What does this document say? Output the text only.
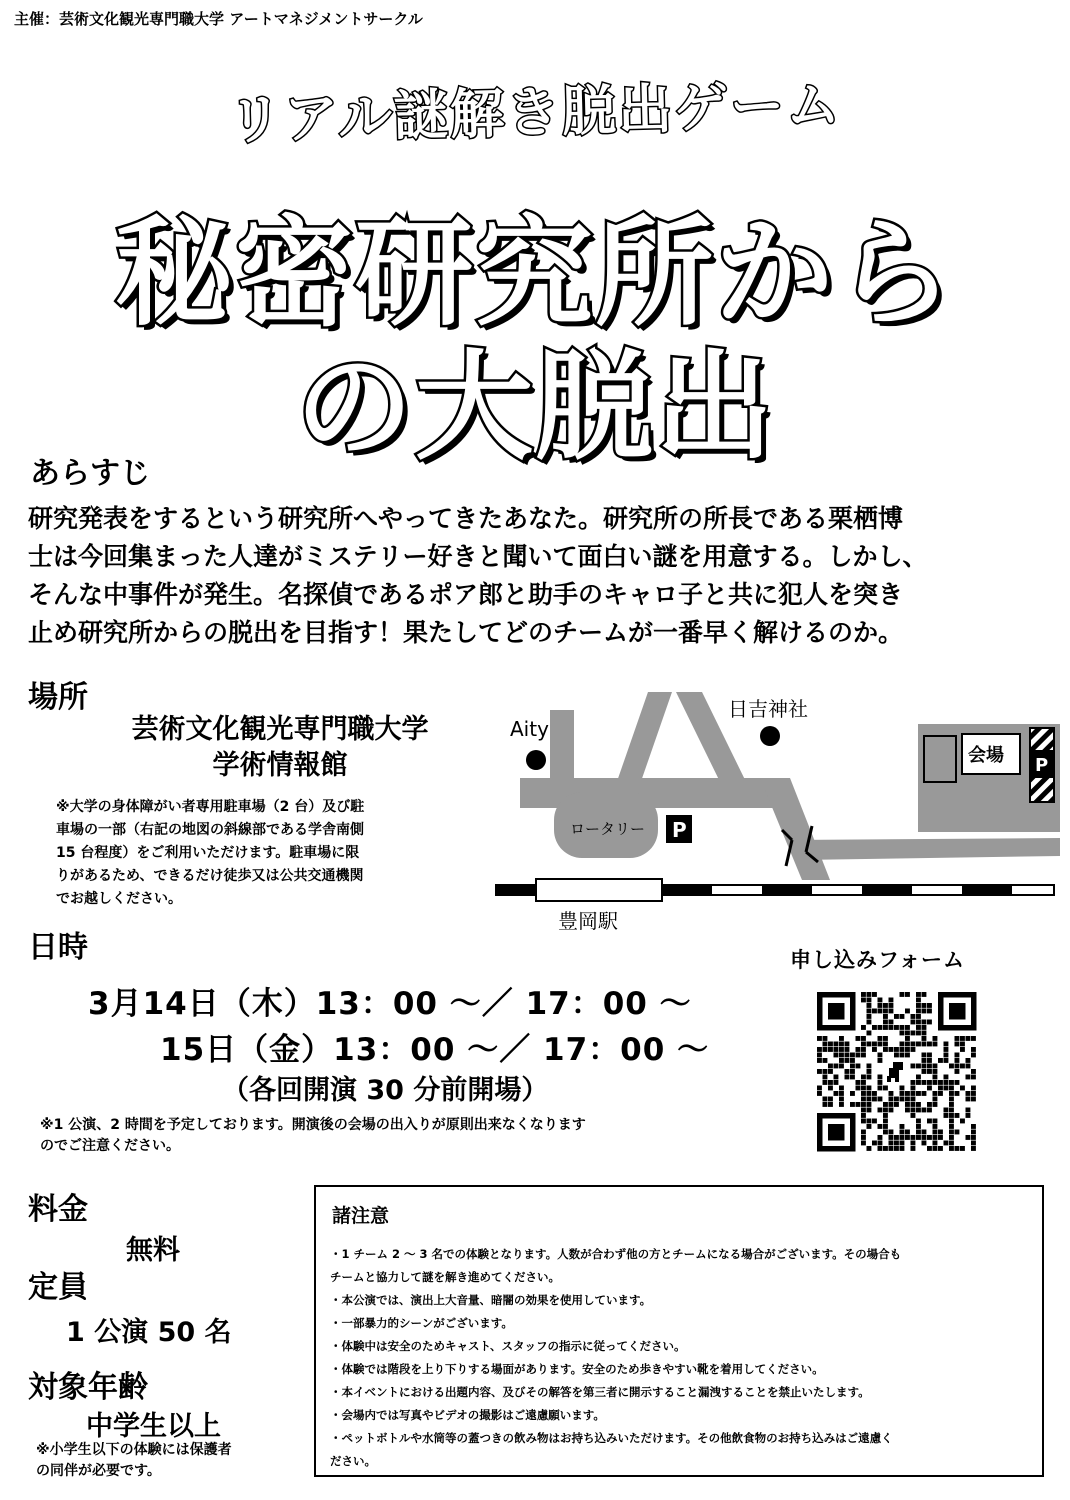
主催：芸術文化観光専門職大学 アートマネジメントサークル
リアル謎解き脱出ゲーム
秘密研究所から
の大脱出
あらすじ
研究発表をするという研究所へやってきたあなた。研究所の所長である栗栖博
士は今回集まった人達がミステリー好きと聞いて面白い謎を用意する。しかし、
そんな中事件が発生。名探偵であるポア郎と助手のキャロ子と共に犯人を突き
止め研究所からの脱出を目指す！果たしてどのチームが一番早く解けるのか。
場所
芸術文化観光専門職大学
学術情報館
※大学の身体障がい者専用駐車場（2 台）及び駐
車場の一部（右記の地図の斜線部である学舎南側
15 台程度）をご利用いただけます。駐車場に限
りがあるため、できるだけ徒歩又は公共交通機関
でお越しください。
Aity
日吉神社
ロータリー P
会場 P
豊岡駅
日時
3月14日（木）13：00 ～／ 17：00 ～
15日（金）13：00 ～／ 17：00 ～
（各回開演 30 分前開場）
※1 公演、2 時間を予定しております。開演後の会場の出入りが原則出来なくなります
のでご注意ください。
申し込みフォーム
料金
無料
定員
1 公演 50 名
対象年齢
中学生以上
※小学生以下の体験には保護者
の同伴が必要です。
諸注意
・1 チーム 2 ～ 3 名での体験となります。人数が合わず他の方とチームになる場合がございます。その場合も
チームと協力して謎を解き進めてください。
・本公演では、演出上大音量、暗闇の効果を使用しています。
・一部暴力的シーンがございます。
・体験中は安全のためキャスト、スタッフの指示に従ってください。
・体験では階段を上り下りする場面があります。安全のため歩きやすい靴を着用してください。
・本イベントにおける出題内容、及びその解答を第三者に開示すること漏洩することを禁止いたします。
・会場内では写真やビデオの撮影はご遠慮願います。
・ペットボトルや水筒等の蓋つきの飲み物はお持ち込みいただけます。その他飲食物のお持ち込みはご遠慮く
ださい。
